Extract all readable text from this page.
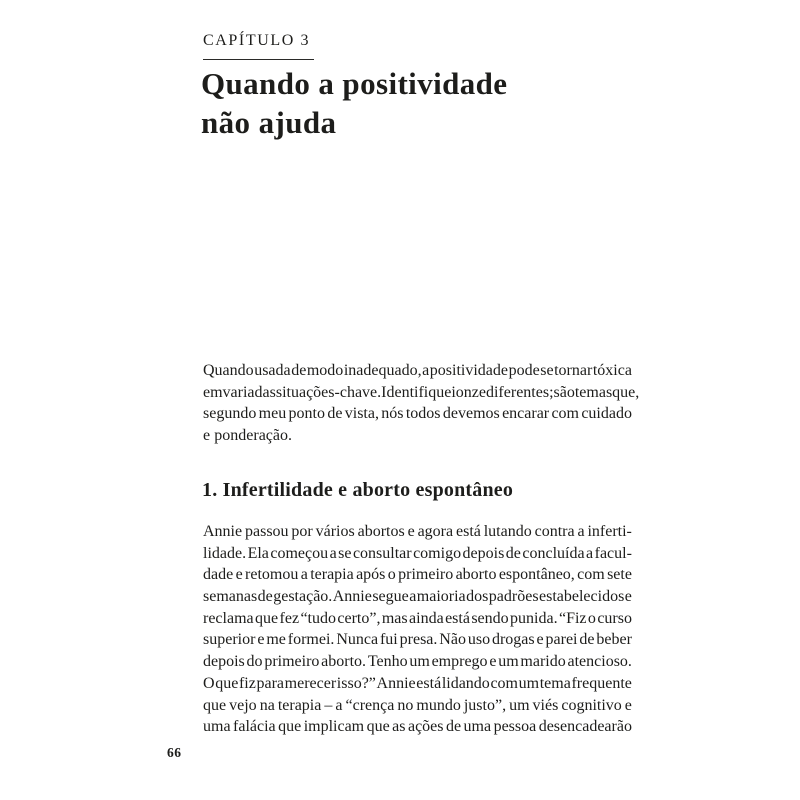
CAPÍTULO 3
Quando a positividade
não ajuda
Quando usada de modo inadequado, a positividade pode se tornar tóxica
em variadas situações-chave. Identifiquei onze diferentes; são temas que,
segundo meu ponto de vista, nós todos devemos encarar com cuidado
e ponderação.
1. Infertilidade e aborto espontâneo
Annie passou por vários abortos e agora está lutando contra a inferti-
lidade. Ela começou a se consultar comigo depois de concluída a facul-
dade e retomou a terapia após o primeiro aborto espontâneo, com sete
semanas de gestação. Annie segue a maioria dos padrões estabelecidos e
reclama que fez “tudo certo”, mas ainda está sendo punida. “Fiz o curso
superior e me formei. Nunca fui presa. Não uso drogas e parei de beber
depois do primeiro aborto. Tenho um emprego e um marido atencioso.
O que fiz para merecer isso?” Annie está lidando com um tema frequente
que vejo na terapia – a “crença no mundo justo”, um viés cognitivo e
uma falácia que implicam que as ações de uma pessoa desencadearão
66
